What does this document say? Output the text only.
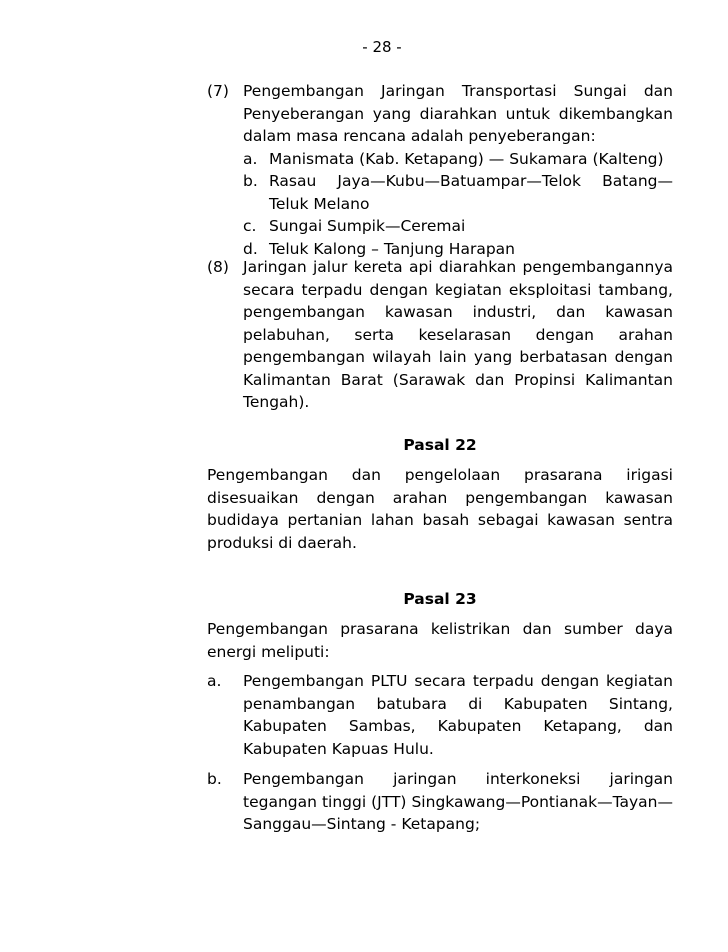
- 28 -
(7) Pengembangan Jaringan Transportasi Sungai dan Penyeberangan yang diarahkan untuk dikembangkan dalam masa rencana adalah penyeberangan:

a. Manismata (Kab. Ketapang) — Sukamara (Kalteng)

b. Rasau Jaya—Kubu—Batuampar—Telok Batang—

Teluk Melano

c. Sungai Sumpik—Ceremai

d. Teluk Kalong – Tanjung Harapan

(8) Jaringan jalur kereta api diarahkan pengembangannya secara terpadu dengan kegiatan eksploitasi tambang, pengembangan kawasan industri, dan kawasan pelabuhan, serta keselarasan dengan arahan pengembangan wilayah lain yang berbatasan dengan Kalimantan Barat (Sarawak dan Propinsi Kalimantan Tengah).

Pasal 22
Pengembangan dan pengelolaan prasarana irigasi disesuaikan dengan arahan pengembangan kawasan budidaya pertanian lahan basah sebagai kawasan sentra produksi di daerah.
Pasal 23

Pengembangan prasarana kelistrikan dan sumber daya

energi meliputi:

a. Pengembangan PLTU secara terpadu dengan kegiatan penambangan batubara di Kabupaten Sintang, Kabupaten Sambas, Kabupaten Ketapang, dan Kabupaten Kapuas Hulu.

b. Pengembangan jaringan interkoneksi jaringan tegangan tinggi (JTT) Singkawang—Pontianak—Tayan—Sanggau—Sintang - Ketapang;
